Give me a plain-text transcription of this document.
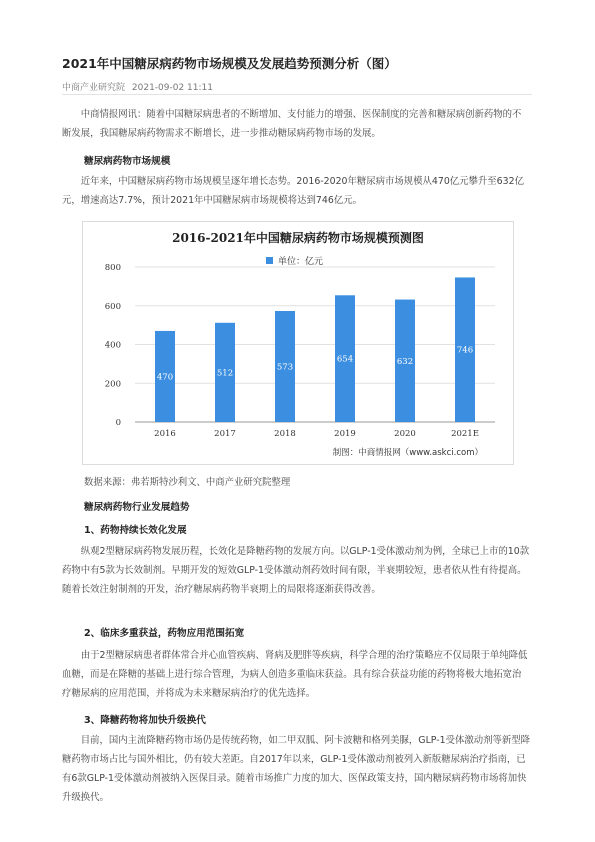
2021年中国糖尿病药物市场规模及发展趋势预测分析（图）
中商产业研究院 2021-09-02 11:11
中商情报网讯：随着中国糖尿病患者的不断增加、支付能力的增强、医保制度的完善和糖尿病创新药物的不断发展，我国糖尿病药物需求不断增长，进一步推动糖尿病药物市场的发展。
糖尿病药物市场规模
近年来，中国糖尿病药物市场规模呈逐年增长态势。2016-2020年糖尿病市场规模从470亿元攀升至632亿元，增速高达7.7%，预计2021年中国糖尿病市场规模将达到746亿元。
2016-2021年中国糖尿病药物市场规模预测图
单位：亿元
0
200
400
600
800
470
2016
512
2017
573
2018
654
2019
632
2020
746
2021E
制图：中商情报网（www.askci.com）
数据来源：弗若斯特沙利文、中商产业研究院整理
糖尿病药物行业发展趋势
1、药物持续长效化发展
纵观2型糖尿病药物发展历程，长效化是降糖药物的发展方向。以GLP-1受体激动剂为例，全球已上市的10款药物中有5款为长效制剂。早期开发的短效GLP-1受体激动剂药效时间有限，半衰期较短，患者依从性有待提高。随着长效注射制剂的开发，治疗糖尿病药物半衰期上的局限将逐渐获得改善。
2、临床多重获益，药物应用范围拓宽
由于2型糖尿病患者群体常合并心血管疾病、肾病及肥胖等疾病，科学合理的治疗策略应不仅局限于单纯降低血糖，而是在降糖的基础上进行综合管理，为病人创造多重临床获益。具有综合获益功能的药物将极大地拓宽治疗糖尿病的应用范围，并将成为未来糖尿病治疗的优先选择。
3、降糖药物将加快升级换代
目前，国内主流降糖药物市场仍是传统药物，如二甲双胍、阿卡波糖和格列美脲，GLP-1受体激动剂等新型降糖药物市场占比与国外相比，仍有较大差距。自2017年以来，GLP-1受体激动剂被列入新版糖尿病治疗指南，已有6款GLP-1受体激动剂被纳入医保目录。随着市场推广力度的加大、医保政策支持，国内糖尿病药物市场将加快升级换代。
